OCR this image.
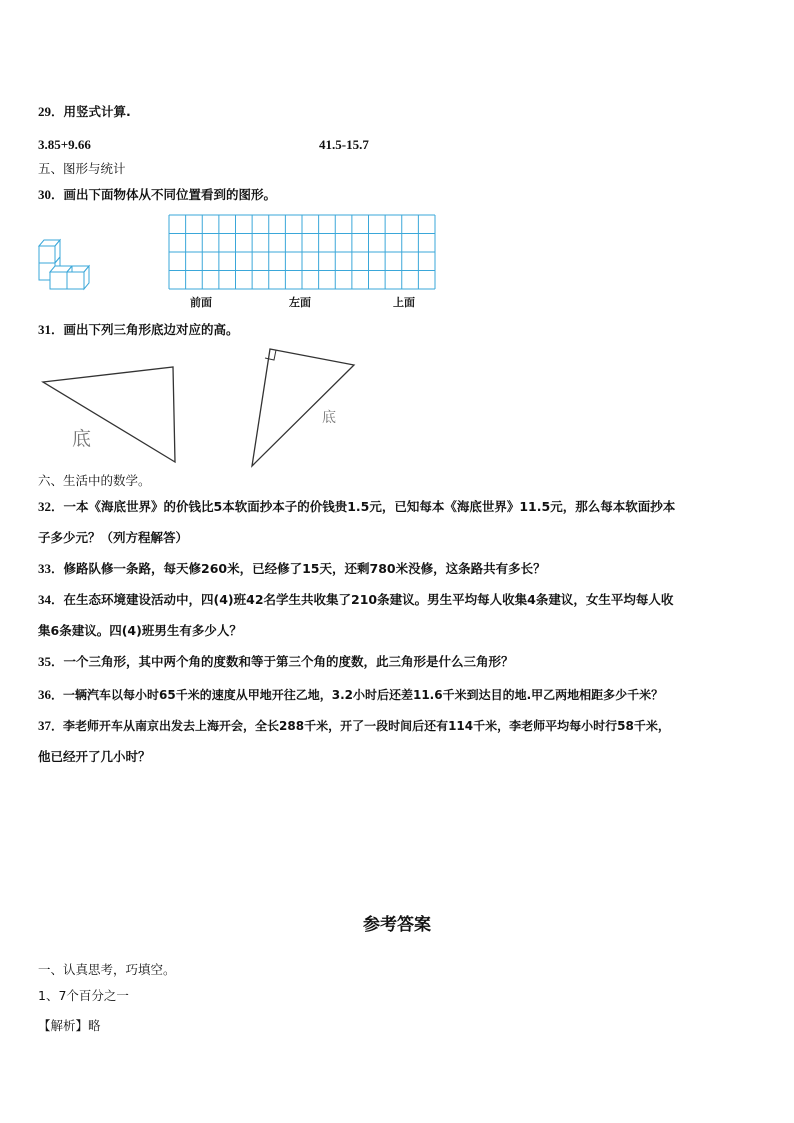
29．用竖式计算.
3.85+9.66	41.5-15.7
五、图形与统计
30．画出下面物体从不同位置看到的图形。
前面	左面	上面
31．画出下列三角形底边对应的高。
底
底
六、生活中的数学。
32．一本《海底世界》的价钱比5本软面抄本子的价钱贵1.5元，已知每本《海底世界》11.5元，那么每本软面抄本
子多少元？（列方程解答）
33．修路队修一条路，每天修260米，已经修了15天，还剩780米没修，这条路共有多长？
34．在生态环境建设活动中，四(4)班42名学生共收集了210条建议。男生平均每人收集4条建议，女生平均每人收
集6条建议。四(4)班男生有多少人？
35．一个三角形，其中两个角的度数和等于第三个角的度数，此三角形是什么三角形？
36．一辆汽车以每小时65千米的速度从甲地开往乙地，3.2小时后还差11.6千米到达目的地.甲乙两地相距多少千米？
37．李老师开车从南京出发去上海开会，全长288千米，开了一段时间后还有114千米，李老师平均每小时行58千米，
他已经开了几小时？
参考答案
一、认真思考，巧填空。
1、7个百分之一
【解析】略
